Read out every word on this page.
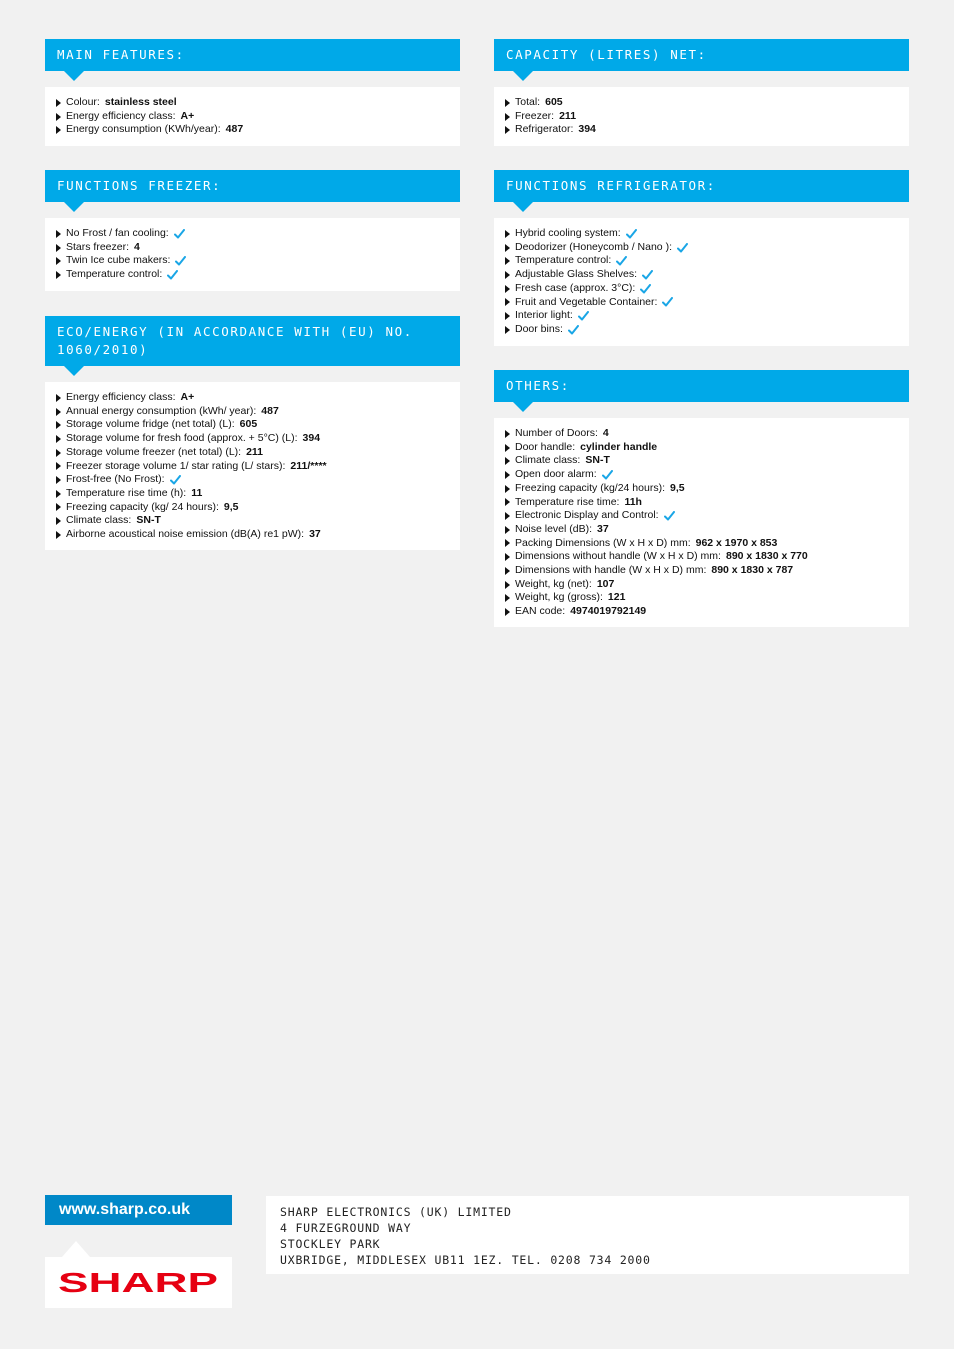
MAIN FEATURES:
Colour: stainless steel
Energy efficiency class: A+
Energy consumption (KWh/year): 487
CAPACITY (LITRES) NET:
Total: 605
Freezer: 211
Refrigerator: 394
FUNCTIONS FREEZER:
No Frost / fan cooling:
Stars freezer: 4
Twin Ice cube makers:
Temperature control:
FUNCTIONS REFRIGERATOR:
Hybrid cooling system:
Deodorizer (Honeycomb / Nano ):
Temperature control:
Adjustable Glass Shelves:
Fresh case (approx. 3°C):
Fruit and Vegetable Container:
Interior light:
Door bins:
ECO/ENERGY (IN ACCORDANCE WITH (EU) NO. 1060/2010)
Energy efficiency class: A+
Annual energy consumption (kWh/ year): 487
Storage volume fridge (net total) (L): 605
Storage volume for fresh food (approx. + 5°C) (L): 394
Storage volume freezer (net total) (L): 211
Freezer storage volume 1/ star rating (L/ stars): 211/****
Frost-free (No Frost):
Temperature rise time (h): 11
Freezing capacity (kg/ 24 hours): 9,5
Climate class: SN-T
Airborne acoustical noise emission (dB(A) re1 pW): 37
OTHERS:
Number of Doors: 4
Door handle: cylinder handle
Climate class: SN-T
Open door alarm:
Freezing capacity (kg/24 hours): 9,5
Temperature rise time: 11h
Electronic Display and Control:
Noise level (dB): 37
Packing Dimensions (W x H x D) mm: 962 x 1970 x 853
Dimensions without handle (W x H x D) mm: 890 x 1830 x 770
Dimensions with handle (W x H x D) mm: 890 x 1830 x 787
Weight, kg (net): 107
Weight, kg (gross): 121
EAN code: 4974019792149
www.sharp.co.uk
SHARP
SHARP ELECTRONICS (UK) LIMITED
4 FURZEGROUND WAY
STOCKLEY PARK
UXBRIDGE, MIDDLESEX UB11 1EZ. TEL. 0208 734 2000
